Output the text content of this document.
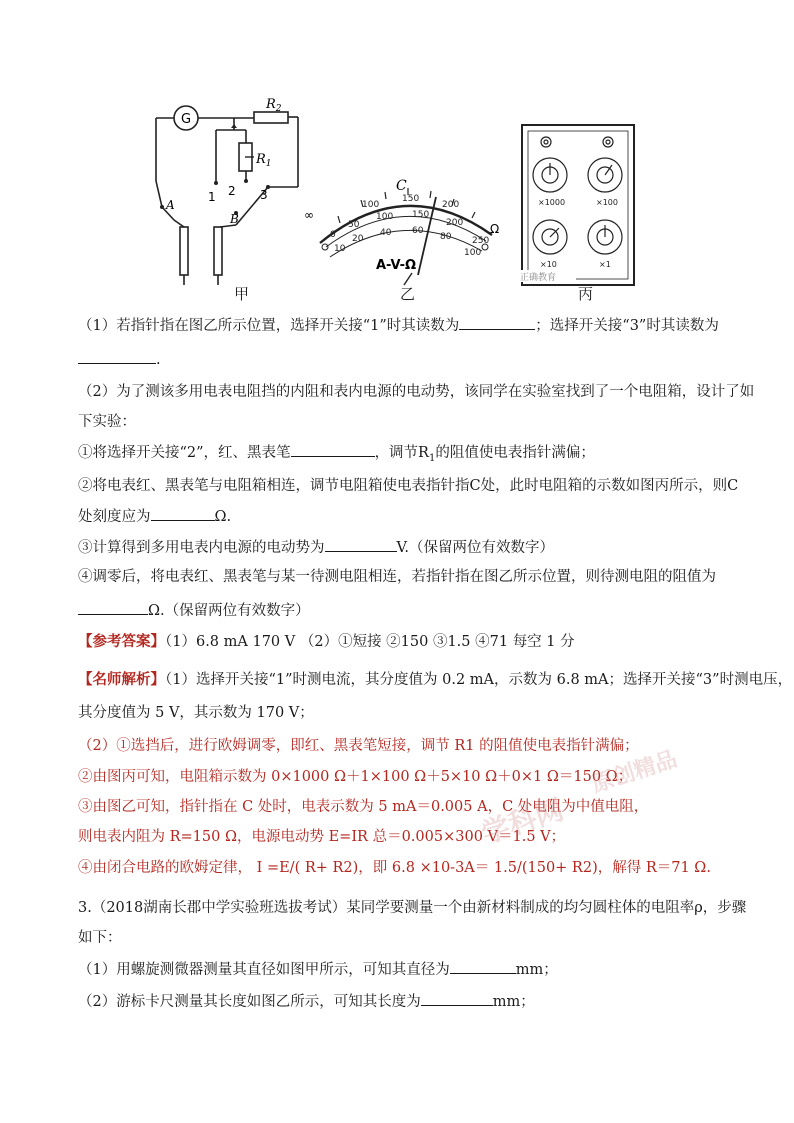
G
$R_2$
$R_1$
1 2 3
A
B
C
∞
Ω
100
150
200
0
50
100 150
200
250
10
20
40 60
80
100
A-V-Ω
×1000	×100
×10	×1
正确教育
甲	乙	丙
（1）若指针指在图乙所示位置，选择开关接“1”时其读数为	；选择开关接“3”时其读数为
.
（2）为了测该多用电表电阻挡的内阻和表内电源的电动势，该同学在实验室找到了一个电阻箱，设计了如
下实验：
①将选择开关接“2”，红、黑表笔	，调节$R_1$的阻值使电表指针满偏；
②将电表红、黑表笔与电阻箱相连，调节电阻箱使电表指针指C处，此时电阻箱的示数如图丙所示，则C
处刻度应为	Ω.
③计算得到多用电表内电源的电动势为	V.（保留两位有效数字）
④调零后，将电表红、黑表笔与某一待测电阻相连，若指针指在图乙所示位置，则待测电阻的阻值为
Ω.（保留两位有效数字）
【参考答案】（1）6.8 mA 170 V （2）①短接 ②150 ③1.5 ④71 每空 1 分
【名师解析】（1）选择开关接“1”时测电流，其分度值为 0.2 mA，示数为 6.8 mA；选择开关接“3”时测电压，
其分度值为 5 V，其示数为 170 V；
（2）①选挡后，进行欧姆调零，即红、黑表笔短接，调节 R1 的阻值使电表指针满偏；
②由图丙可知，电阻箱示数为 0×1000 Ω＋1×100 Ω＋5×10 Ω＋0×1 Ω＝150 Ω；
③由图乙可知，指针指在 C 处时，电表示数为 5 mA＝0.005 A，C 处电阻为中值电阻，
则电表内阻为 R=150 Ω，电源电动势 E=IR 总＝0.005×300 V＝1.5 V；
④由闭合电路的欧姆定律， I =E/( R+ R2)，即 6.8 ×10-3A＝ 1.5/(150+ R2)，解得 R＝71 Ω.
3.（2018湖南长郡中学实验班选拔考试）某同学要测量一个由新材料制成的均匀圆柱体的电阻率ρ，步骤
如下：
（1）用螺旋测微器测量其直径如图甲所示，可知其直径为	mm；
（2）游标卡尺测量其长度如图乙所示，可知其长度为	mm；
学科网
原创精品
